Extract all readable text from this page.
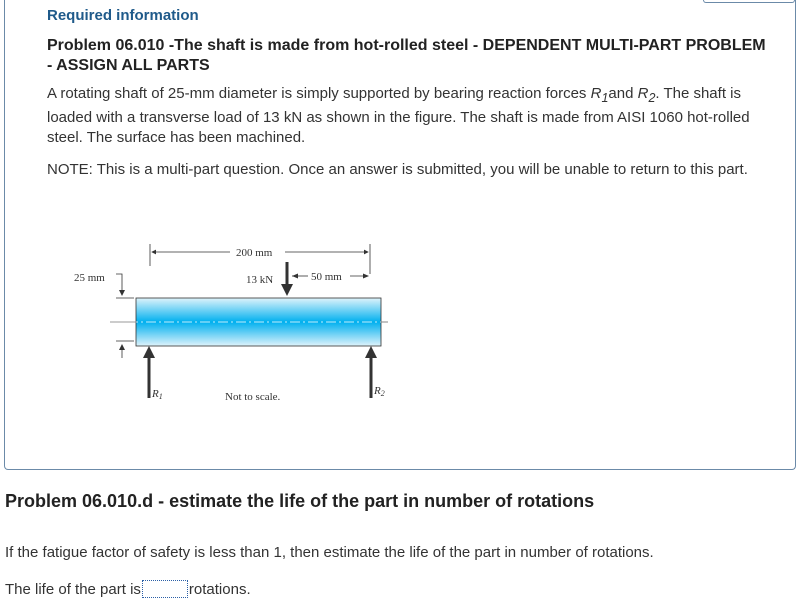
Required information
Problem 06.010 -The shaft is made from hot-rolled steel - DEPENDENT MULTI-PART PROBLEM - ASSIGN ALL PARTS
A rotating shaft of 25-mm diameter is simply supported by bearing reaction forces $R_1and$ $R_2$. The shaft is loaded with a transverse load of 13 kN as shown in the figure. The shaft is made from AISI 1060 hot-rolled steel. The surface has been machined.
NOTE: This is a multi-part question. Once an answer is submitted, you will be unable to return to this part.
200 mm
13 kN	50 mm
25 mm
R1	R2
Not to scale.
Problem 06.010.d - estimate the life of the part in number of rotations
If the fatigue factor of safety is less than 1, then estimate the life of the part in number of rotations.
The life of the part is	rotations.
